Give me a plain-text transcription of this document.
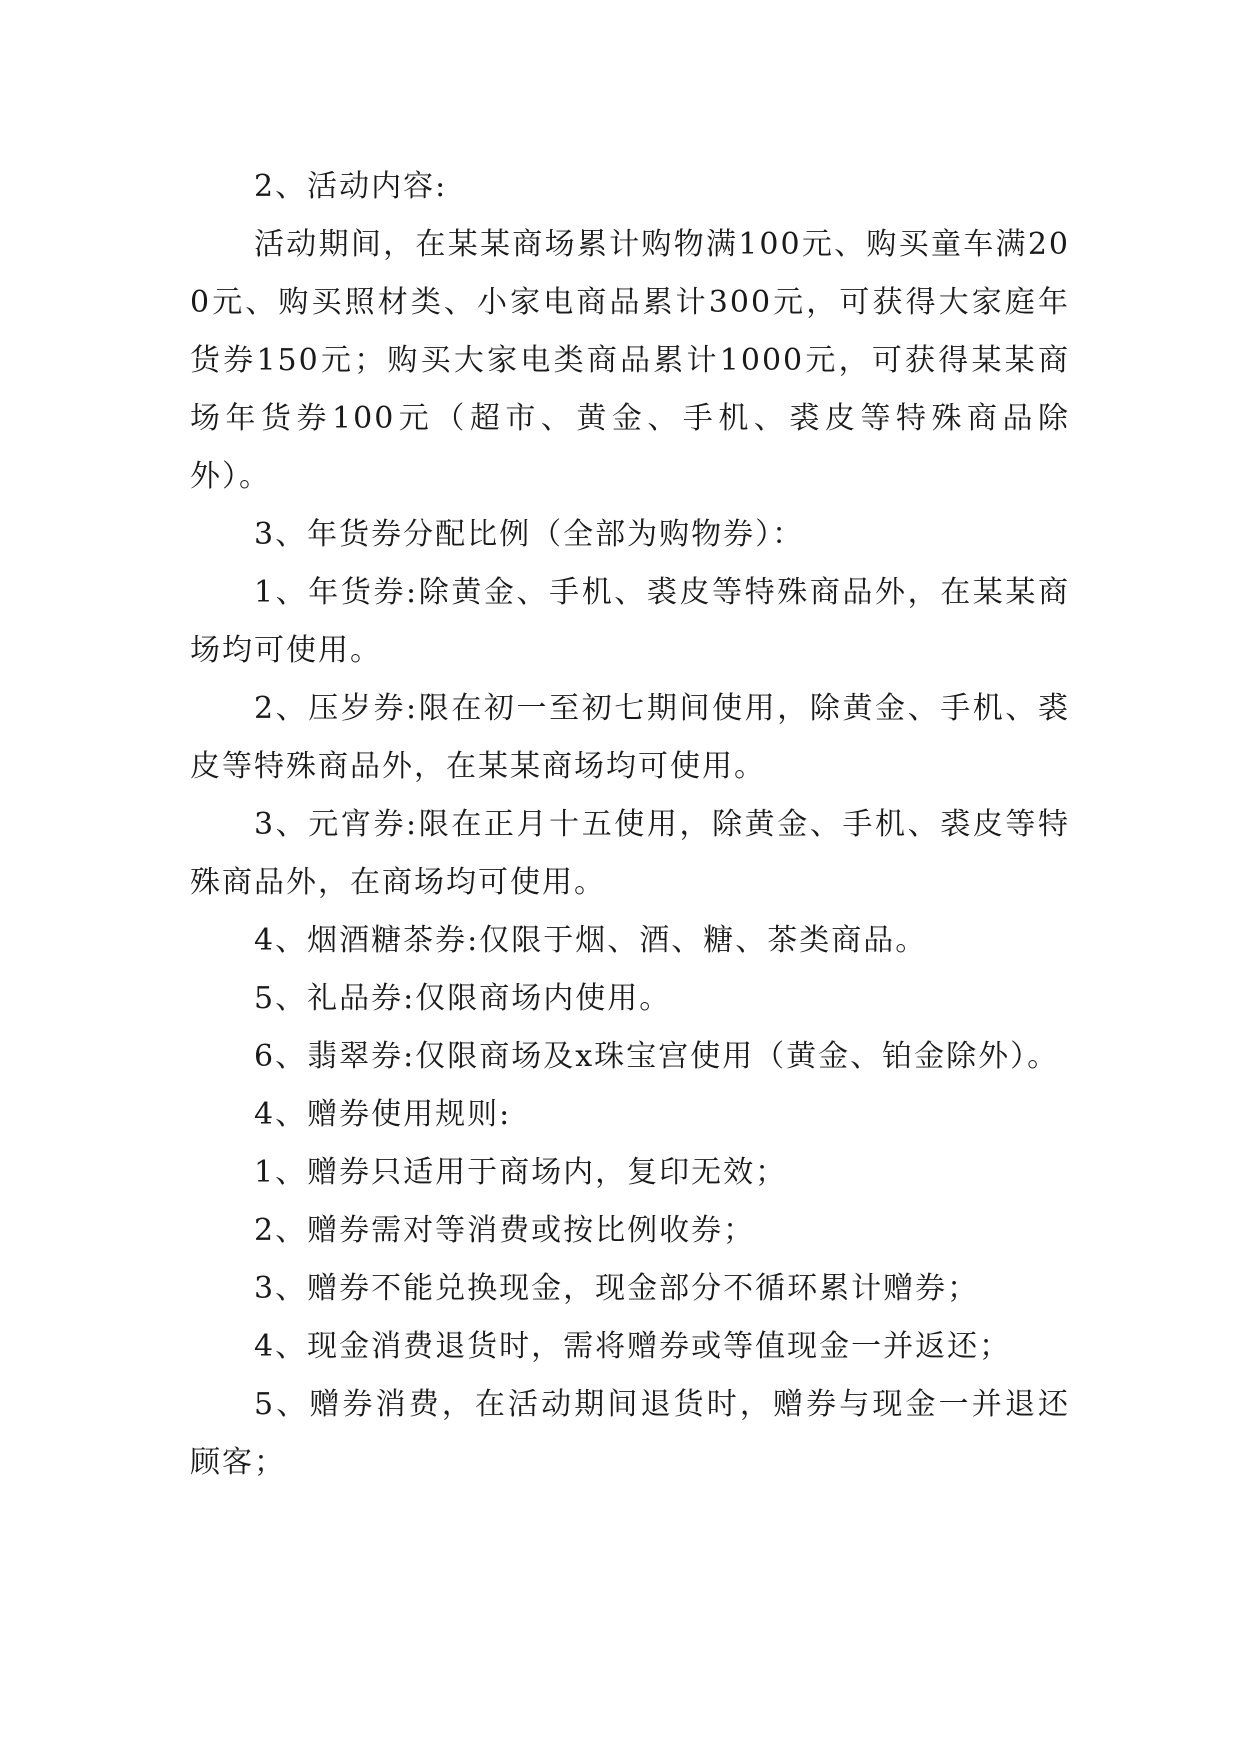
2、活动内容:

活动期间，在某某商场累计购物满100元、购买童车满200元、购买照材类、小家电商品累计300元，可获得大家庭年货券150元；购买大家电类商品累计1000元，可获得某某商场年货券100元（超市、黄金、手机、裘皮等特殊商品除外）。

3、年货券分配比例（全部为购物券）：

1、年货券:除黄金、手机、裘皮等特殊商品外，在某某商场均可使用。

2、压岁券:限在初一至初七期间使用，除黄金、手机、裘皮等特殊商品外，在某某商场均可使用。

3、元宵券:限在正月十五使用，除黄金、手机、裘皮等特殊商品外，在商场均可使用。

4、烟酒糖茶券:仅限于烟、酒、糖、茶类商品。

5、礼品券:仅限商场内使用。

6、翡翠券:仅限商场及x珠宝宫使用（黄金、铂金除外）。

4、赠券使用规则:

1、赠券只适用于商场内，复印无效；

2、赠券需对等消费或按比例收券；

3、赠券不能兑换现金，现金部分不循环累计赠券；

4、现金消费退货时，需将赠券或等值现金一并返还；

5、赠券消费，在活动期间退货时，赠券与现金一并退还顾客；
